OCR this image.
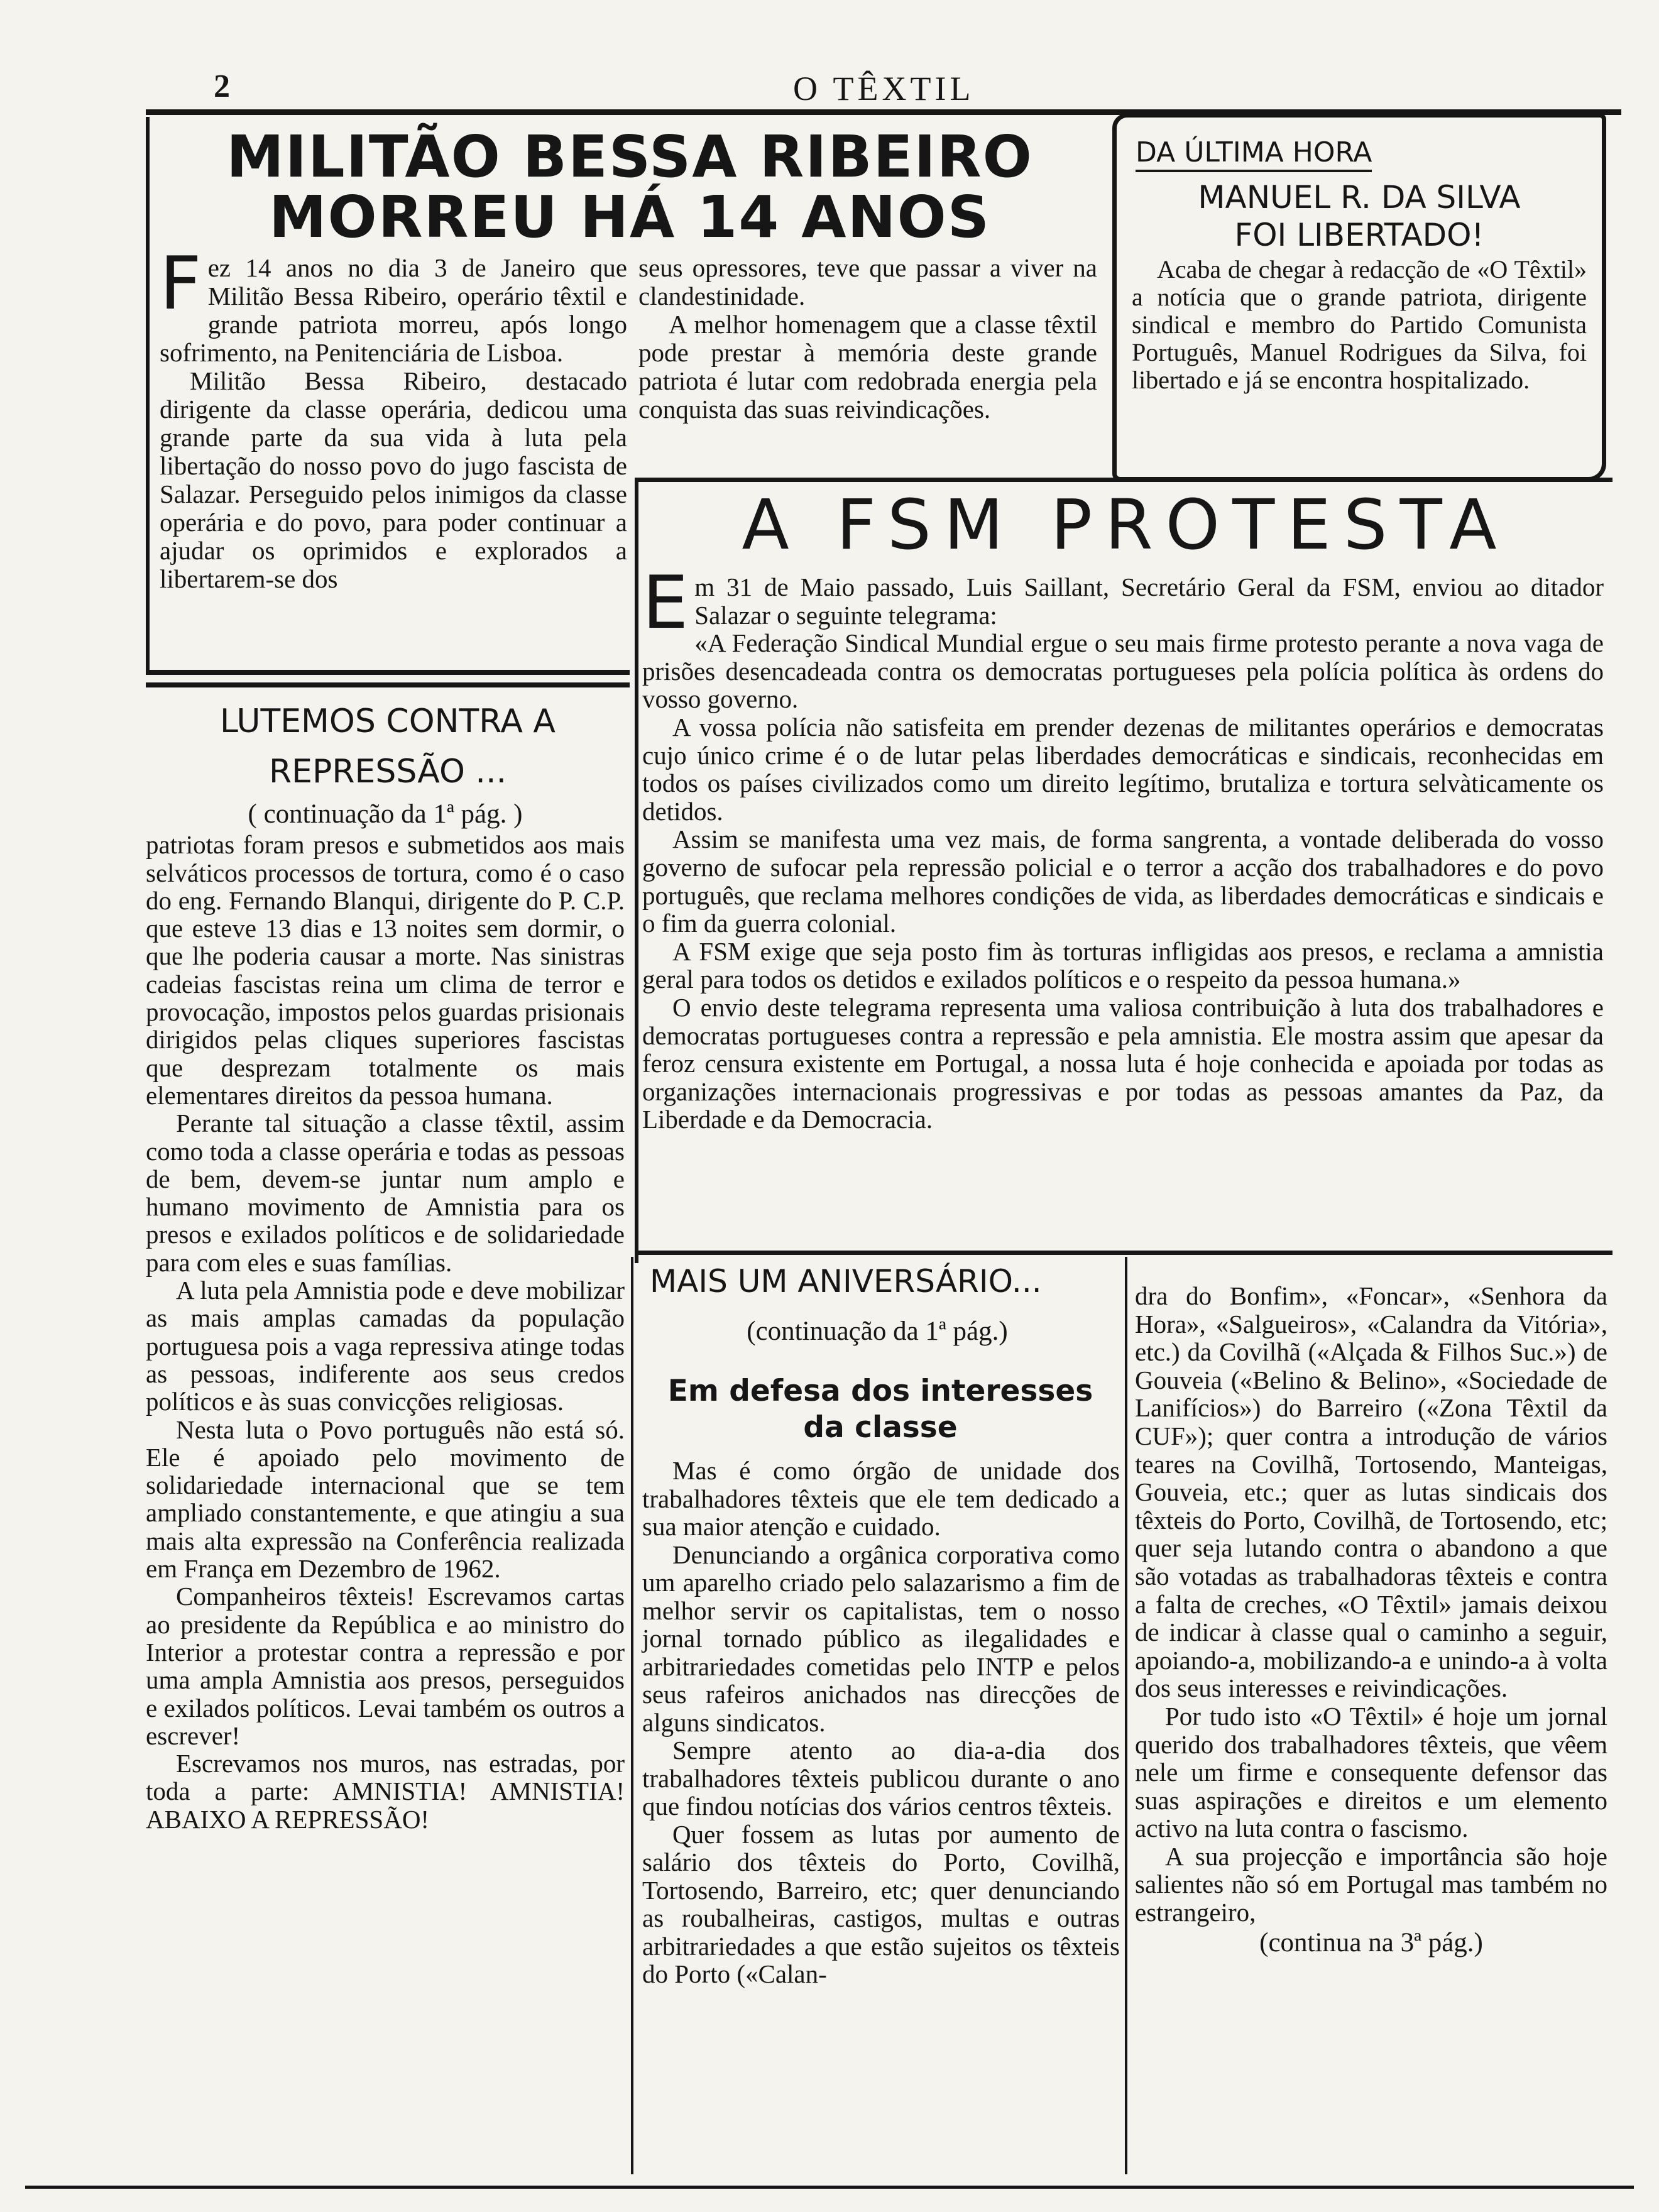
2	O TÊXTIL
MILITÃO BESSA RIBEIRO
MORREU HÁ 14 ANOS
F ez 14 anos no dia 3 de Janeiro que Militão Bessa Ribeiro, operário têxtil e grande patriota morreu, após longo sofrimento, na Penitenciária de Lisboa.

Militão Bessa Ribeiro, destacado dirigente da classe operária, dedicou uma grande parte da sua vida à luta pela libertação do nosso povo do jugo fascista de Salazar. Perseguido pelos inimigos da classe operária e do povo, para poder continuar a ajudar os oprimidos e explorados a libertarem-se dos

seus opressores, teve que passar a viver na clandestinidade.

A melhor homenagem que a classe têxtil pode prestar à memória deste grande patriota é lutar com redobrada energia pela conquista das suas reivindicações.

DA ÚLTIMA HORA
MANUEL R. DA SILVA
FOI LIBERTADO!
Acaba de chegar à redacção de «O Têxtil» a notícia que o grande patriota, dirigente sindical e membro do Partido Comunista Português, Manuel Rodrigues da Silva, foi libertado e já se encontra hospitalizado.
A FSM PROTESTA
E m 31 de Maio passado, Luis Saillant, Secretário Geral da FSM, enviou ao ditador Salazar o seguinte telegrama:

«A Federação Sindical Mundial ergue o seu mais firme protesto perante a nova vaga de prisões desencadeada contra os democratas portugueses pela polícia política às ordens do vosso governo.

A vossa polícia não satisfeita em prender dezenas de militantes operários e democratas cujo único crime é o de lutar pelas liberdades democráticas e sindicais, reconhecidas em todos os países civilizados como um direito legítimo, brutaliza e tortura selvàticamente os detidos.

Assim se manifesta uma vez mais, de forma sangrenta, a vontade deliberada do vosso governo de sufocar pela repressão policial e o terror a acção dos trabalhadores e do povo português, que reclama melhores condições de vida, as liberdades democráticas e sindicais e o fim da guerra colonial.

A FSM exige que seja posto fim às torturas infligidas aos presos, e reclama a amnistia geral para todos os detidos e exilados políticos e o respeito da pessoa humana.»

O envio deste telegrama representa uma valiosa contribuição à luta dos trabalhadores e democratas portugueses contra a repressão e pela amnistia. Ele mostra assim que apesar da feroz censura existente em Portugal, a nossa luta é hoje conhecida e apoiada por todas as organizações internacionais progressivas e por todas as pessoas amantes da Paz, da Liberdade e da Democracia.

LUTEMOS CONTRA A
REPRESSÃO ...
( continuação da 1ª pág. )

patriotas foram presos e submetidos aos mais selváticos processos de tortura, como é o caso do eng. Fernando Blanqui, dirigente do P. C.P. que esteve 13 dias e 13 noites sem dormir, o que lhe poderia causar a morte. Nas sinistras cadeias fascistas reina um clima de terror e provocação, impostos pelos guardas prisionais dirigidos pelas cliques superiores fascistas que desprezam totalmente os mais elementares direitos da pessoa humana.

Perante tal situação a classe têxtil, assim como toda a classe operária e todas as pessoas de bem, devem-se juntar num amplo e humano movimento de Amnistia para os presos e exilados políticos e de solidariedade para com eles e suas famílias.

A luta pela Amnistia pode e deve mobilizar as mais amplas camadas da população portuguesa pois a vaga repressiva atinge todas as pessoas, indiferente aos seus credos políticos e às suas convicções religiosas.

Nesta luta o Povo português não está só. Ele é apoiado pelo movimento de solidariedade internacional que se tem ampliado constantemente, e que atingiu a sua mais alta expressão na Conferência realizada em França em Dezembro de 1962.

Companheiros têxteis! Escrevamos cartas ao presidente da República e ao ministro do Interior a protestar contra a repressão e por uma ampla Amnistia aos presos, perseguidos e exilados políticos. Levai também os outros a escrever!

Escrevamos nos muros, nas estradas, por toda a parte: AMNISTIA! AMNISTIA! ABAIXO A REPRESSÃO!

MAIS UM ANIVERSÁRIO...
(continuação da 1ª pág.)
Em defesa dos interesses
da classe

Mas é como órgão de unidade dos trabalhadores têxteis que ele tem dedicado a sua maior atenção e cuidado.

Denunciando a orgânica corporativa como um aparelho criado pelo salazarismo a fim de melhor servir os capitalistas, tem o nosso jornal tornado público as ilegalidades e arbitrariedades cometidas pelo INTP e pelos seus rafeiros anichados nas direcções de alguns sindicatos.

Sempre atento ao dia-a-dia dos trabalhadores têxteis publicou durante o ano que findou notícias dos vários centros têxteis.

Quer fossem as lutas por aumento de salário dos têxteis do Porto, Covilhã, Tortosendo, Barreiro, etc; quer denunciando as roubalheiras, castigos, multas e outras arbitrariedades a que estão sujeitos os têxteis do Porto («Calan-

dra do Bonfim», «Foncar», «Senhora da Hora», «Salgueiros», «Calandra da Vitória», etc.) da Covilhã («Alçada & Filhos Suc.») de Gouveia («Belino & Belino», «Sociedade de Lanifícios») do Barreiro («Zona Têxtil da CUF»); quer contra a introdução de vários teares na Covilhã, Tortosendo, Manteigas, Gouveia, etc.; quer as lutas sindicais dos têxteis do Porto, Covilhã, de Tortosendo, etc; quer seja lutando contra o abandono a que são votadas as trabalhadoras têxteis e contra a falta de creches, «O Têxtil» jamais deixou de indicar à classe qual o caminho a seguir, apoiando-a, mobilizando-a e unindo-a à volta dos seus interesses e reivindicações.

Por tudo isto «O Têxtil» é hoje um jornal querido dos trabalhadores têxteis, que vêem nele um firme e consequente defensor das suas aspirações e direitos e um elemento activo na luta contra o fascismo.

A sua projecção e importância são hoje salientes não só em Portugal mas também no estrangeiro,

(continua na 3ª pág.)
